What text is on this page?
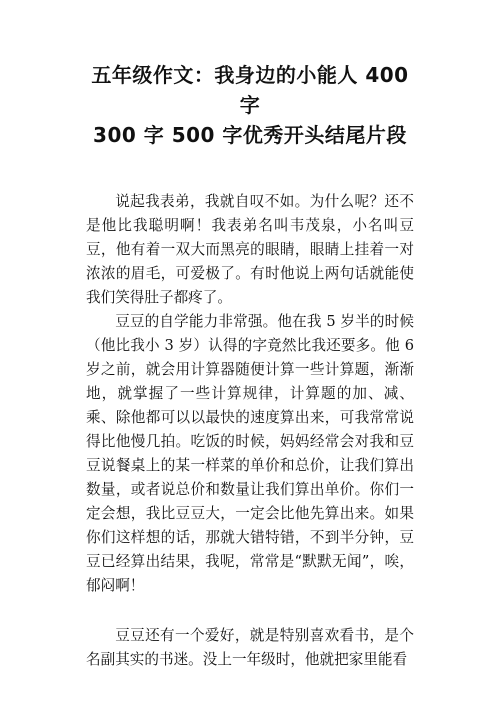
五年级作文：我身边的小能人 400 字
300 字 500 字优秀开头结尾片段

说起我表弟，我就自叹不如。为什么呢？还不是他比我聪明啊！我表弟名叫韦茂泉，小名叫豆豆，他有着一双大而黑亮的眼睛，眼睛上挂着一对浓浓的眉毛，可爱极了。有时他说上两句话就能使我们笑得肚子都疼了。

豆豆的自学能力非常强。他在我 5 岁半的时候（他比我小 3 岁）认得的字竟然比我还要多。他 6 岁之前，就会用计算器随便计算一些计算题，渐渐地，就掌握了一些计算规律，计算题的加、减、乘、除他都可以以最快的速度算出来，可我常常说得比他慢几拍。吃饭的时候，妈妈经常会对我和豆豆说餐桌上的某一样菜的单价和总价，让我们算出数量，或者说总价和数量让我们算出单价。你们一定会想，我比豆豆大，一定会比他先算出来。如果你们这样想的话，那就大错特错，不到半分钟，豆豆已经算出结果，我呢，常常是“默默无闻”，唉，郁闷啊！

豆豆还有一个爱好，就是特别喜欢看书，是个名副其实的书迷。没上一年级时，他就把家里能看
